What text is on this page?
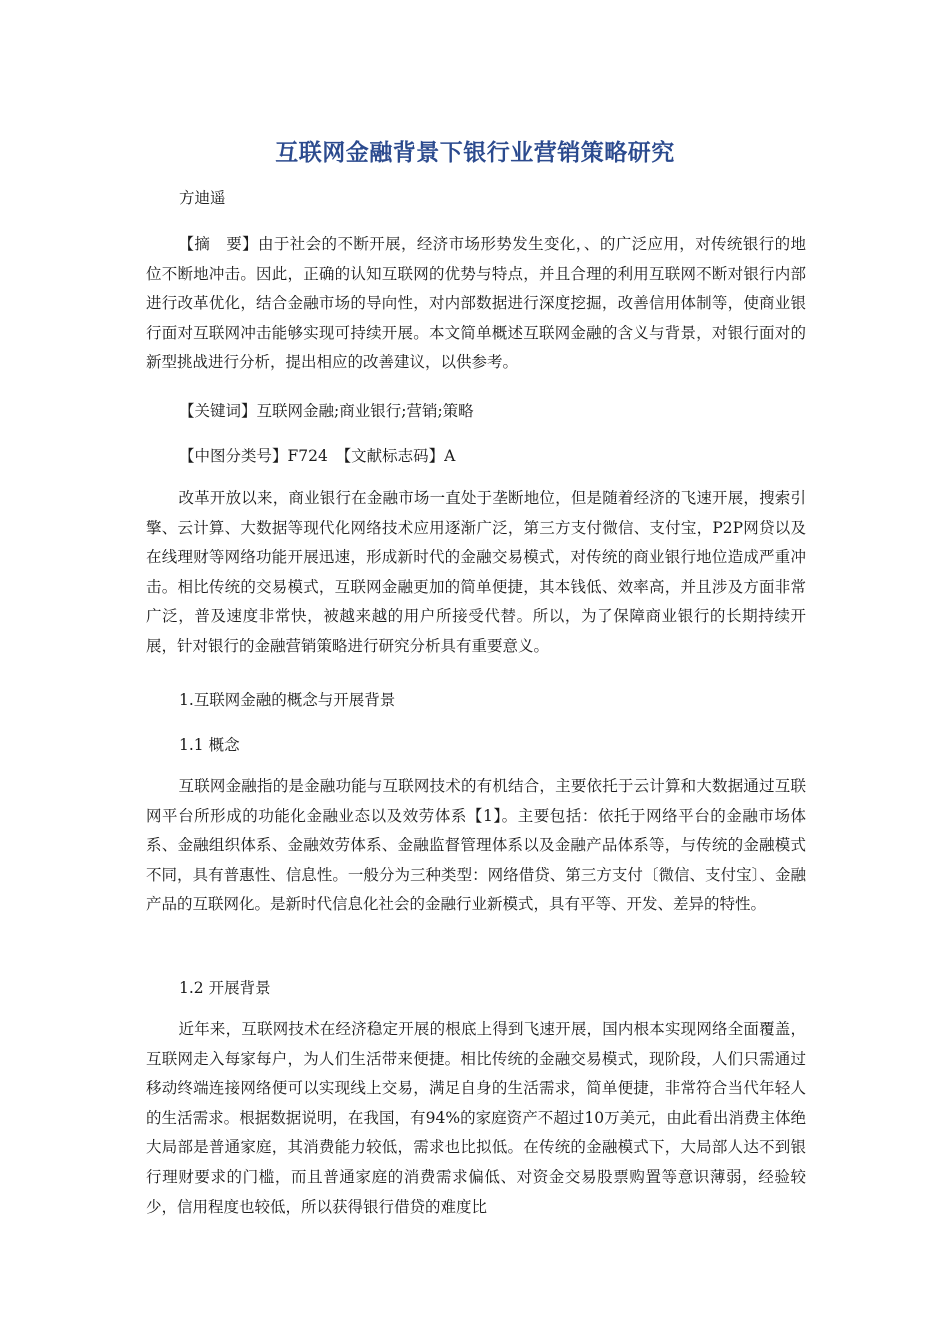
互联网金融背景下银行业营销策略研究

方迪遥

【摘　要】由于社会的不断开展，经济市场形势发生变化，、的广泛应用，对传统银行的地位不断地冲击。因此，正确的认知互联网的优势与特点，并且合理的利用互联网不断对银行内部进行改革优化，结合金融市场的导向性，对内部数据进行深度挖掘，改善信用体制等，使商业银行面对互联网冲击能够实现可持续开展。本文简单概述互联网金融的含义与背景，对银行面对的新型挑战进行分析，提出相应的改善建议，以供参考。

【关键词】互联网金融;商业银行;营销;策略

【中图分类号】F724　【文献标志码】A

改革开放以来，商业银行在金融市场一直处于垄断地位，但是随着经济的飞速开展，搜索引擎、云计算、大数据等现代化网络技术应用逐渐广泛，第三方支付微信、支付宝，P2P网贷以及在线理财等网络功能开展迅速，形成新时代的金融交易模式，对传统的商业银行地位造成严重冲击。相比传统的交易模式，互联网金融更加的简单便捷，其本钱低、效率高，并且涉及方面非常广泛，普及速度非常快，被越来越的用户所接受代替。所以，为了保障商业银行的长期持续开展，针对银行的金融营销策略进行研究分析具有重要意义。

1.互联网金融的概念与开展背景

1.1 概念

互联网金融指的是金融功能与互联网技术的有机结合，主要依托于云计算和大数据通过互联网平台所形成的功能化金融业态以及效劳体系【1】。主要包括：依托于网络平台的金融市场体系、金融组织体系、金融效劳体系、金融监督管理体系以及金融产品体系等，与传统的金融模式不同，具有普惠性、信息性。一般分为三种类型：网络借贷、第三方支付〔微信、支付宝〕、金融产品的互联网化。是新时代信息化社会的金融行业新模式，具有平等、开发、差异的特性。

1.2 开展背景

近年来，互联网技术在经济稳定开展的根底上得到飞速开展，国内根本实现网络全面覆盖，互联网走入每家每户，为人们生活带来便捷。相比传统的金融交易模式，现阶段，人们只需通过移动终端连接网络便可以实现线上交易，满足自身的生活需求，简单便捷，非常符合当代年轻人的生活需求。根据数据说明，在我国，有94%的家庭资产不超过10万美元，由此看出消费主体绝大局部是普通家庭，其消费能力较低，需求也比拟低。在传统的金融模式下，大局部人达不到银行理财要求的门槛，而且普通家庭的消费需求偏低、对资金交易股票购置等意识薄弱，经验较少，信用程度也较低，所以获得银行借贷的难度比
